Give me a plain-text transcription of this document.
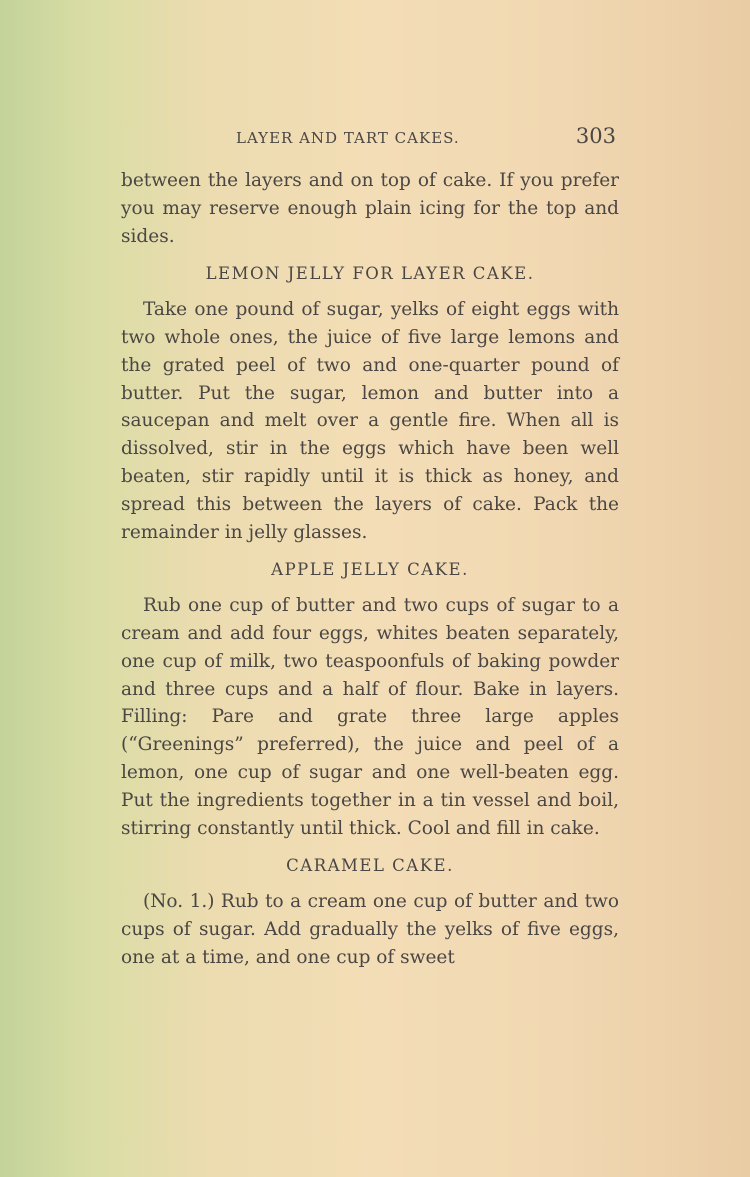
LAYER AND TART CAKES.	303

between the layers and on top of cake. If you prefer you may reserve enough plain icing for the top and sides.

LEMON JELLY FOR LAYER CAKE.

Take one pound of sugar, yelks of eight eggs with two whole ones, the juice of five large lemons and the grated peel of two and one-quarter pound of butter. Put the sugar, lemon and butter into a saucepan and melt over a gentle fire. When all is dissolved, stir in the eggs which have been well beaten, stir rapidly until it is thick as honey, and spread this between the layers of cake. Pack the remainder in jelly glasses.

APPLE JELLY CAKE.

Rub one cup of butter and two cups of sugar to a cream and add four eggs, whites beaten separately, one cup of milk, two teaspoonfuls of baking powder and three cups and a half of flour. Bake in layers. Filling: Pare and grate three large apples (“Greenings” preferred), the juice and peel of a lemon, one cup of sugar and one well-beaten egg. Put the ingredients together in a tin vessel and boil, stirring constantly until thick. Cool and fill in cake.

CARAMEL CAKE.

(No. 1.) Rub to a cream one cup of butter and two cups of sugar. Add gradually the yelks of five eggs, one at a time, and one cup of sweet
